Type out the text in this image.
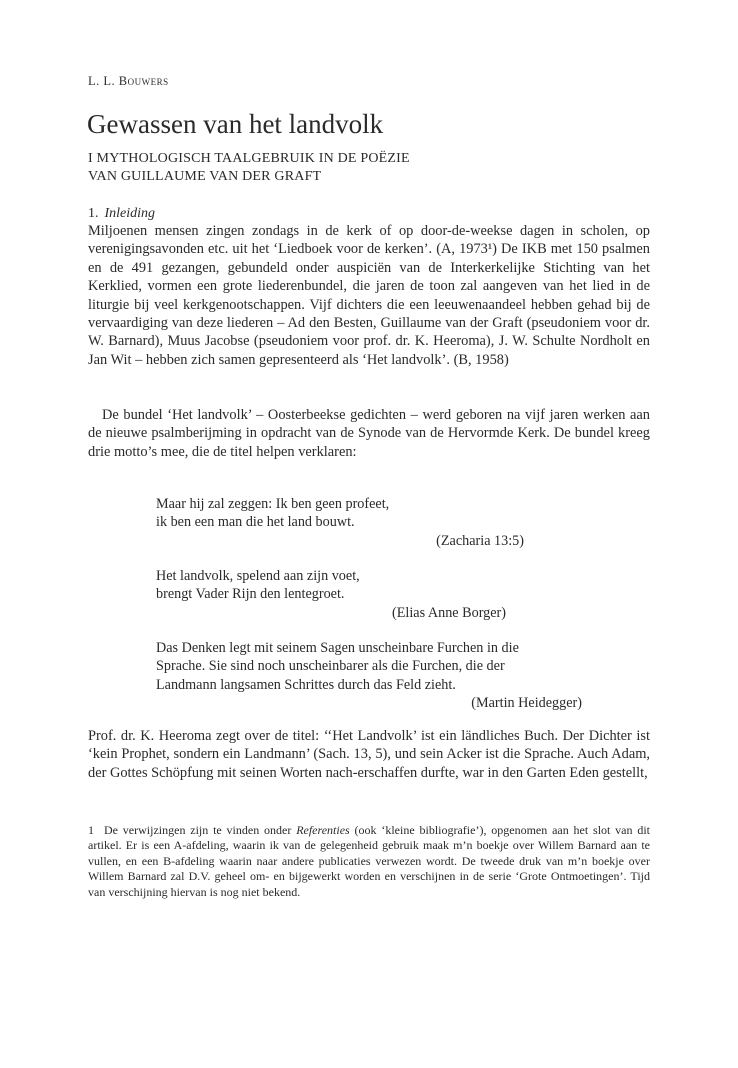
L. L. Bouwers
Gewassen van het landvolk
I MYTHOLOGISCH TAALGEBRUIK IN DE POËZIE
VAN GUILLAUME VAN DER GRAFT
1. Inleiding

Miljoenen mensen zingen zondags in de kerk of op door-de-weekse dagen in scholen, op verenigingsavonden etc. uit het ‘Liedboek voor de kerken’. (A, 1973¹) De IKB met 150 psalmen en de 491 gezangen, gebundeld onder auspiciën van de Interkerkelijke Stichting van het Kerklied, vormen een grote liederenbundel, die jaren de toon zal aangeven van het lied in de liturgie bij veel kerkgenootschappen. Vijf dichters die een leeuwenaandeel hebben gehad bij de vervaardiging van deze liederen – Ad den Besten, Guillaume van der Graft (pseudoniem voor dr. W. Barnard), Muus Jacobse (pseudoniem voor prof. dr. K. Heeroma), J. W. Schulte Nordholt en Jan Wit – hebben zich samen gepresenteerd als ‘Het landvolk’. (B, 1958)

De bundel ‘Het landvolk’ – Oosterbeekse gedichten – werd geboren na vijf jaren werken aan de nieuwe psalmberijming in opdracht van de Synode van de Hervormde Kerk. De bundel kreeg drie motto’s mee, die de titel helpen verklaren:

Maar hij zal zeggen: Ik ben geen profeet,
ik ben een man die het land bouwt.
(Zacharia 13:5)
Het landvolk, spelend aan zijn voet,
brengt Vader Rijn den lentegroet.
(Elias Anne Borger)
Das Denken legt mit seinem Sagen unscheinbare Furchen in die
Sprache. Sie sind noch unscheinbarer als die Furchen, die der
Landmann langsamen Schrittes durch das Feld zieht.
(Martin Heidegger)

Prof. dr. K. Heeroma zegt over de titel: ‘‘Het Landvolk’ ist ein ländliches Buch. Der Dichter ist ‘kein Prophet, sondern ein Landmann’ (Sach. 13, 5), und sein Acker ist die Sprache. Auch Adam, der Gottes Schöpfung mit seinen Worten nach-erschaffen durfte, war in den Garten Eden gestellt,

1 De verwijzingen zijn te vinden onder Referenties (ook ‘kleine bibliografie’), opgenomen aan het slot van dit artikel. Er is een A-afdeling, waarin ik van de gelegenheid gebruik maak m’n boekje over Willem Barnard aan te vullen, en een B-afdeling waarin naar andere publicaties verwezen wordt. De tweede druk van m’n boekje over Willem Barnard zal D.V. geheel om- en bijgewerkt worden en verschijnen in de serie ‘Grote Ontmoetingen’. Tijd van verschijning hiervan is nog niet bekend.
